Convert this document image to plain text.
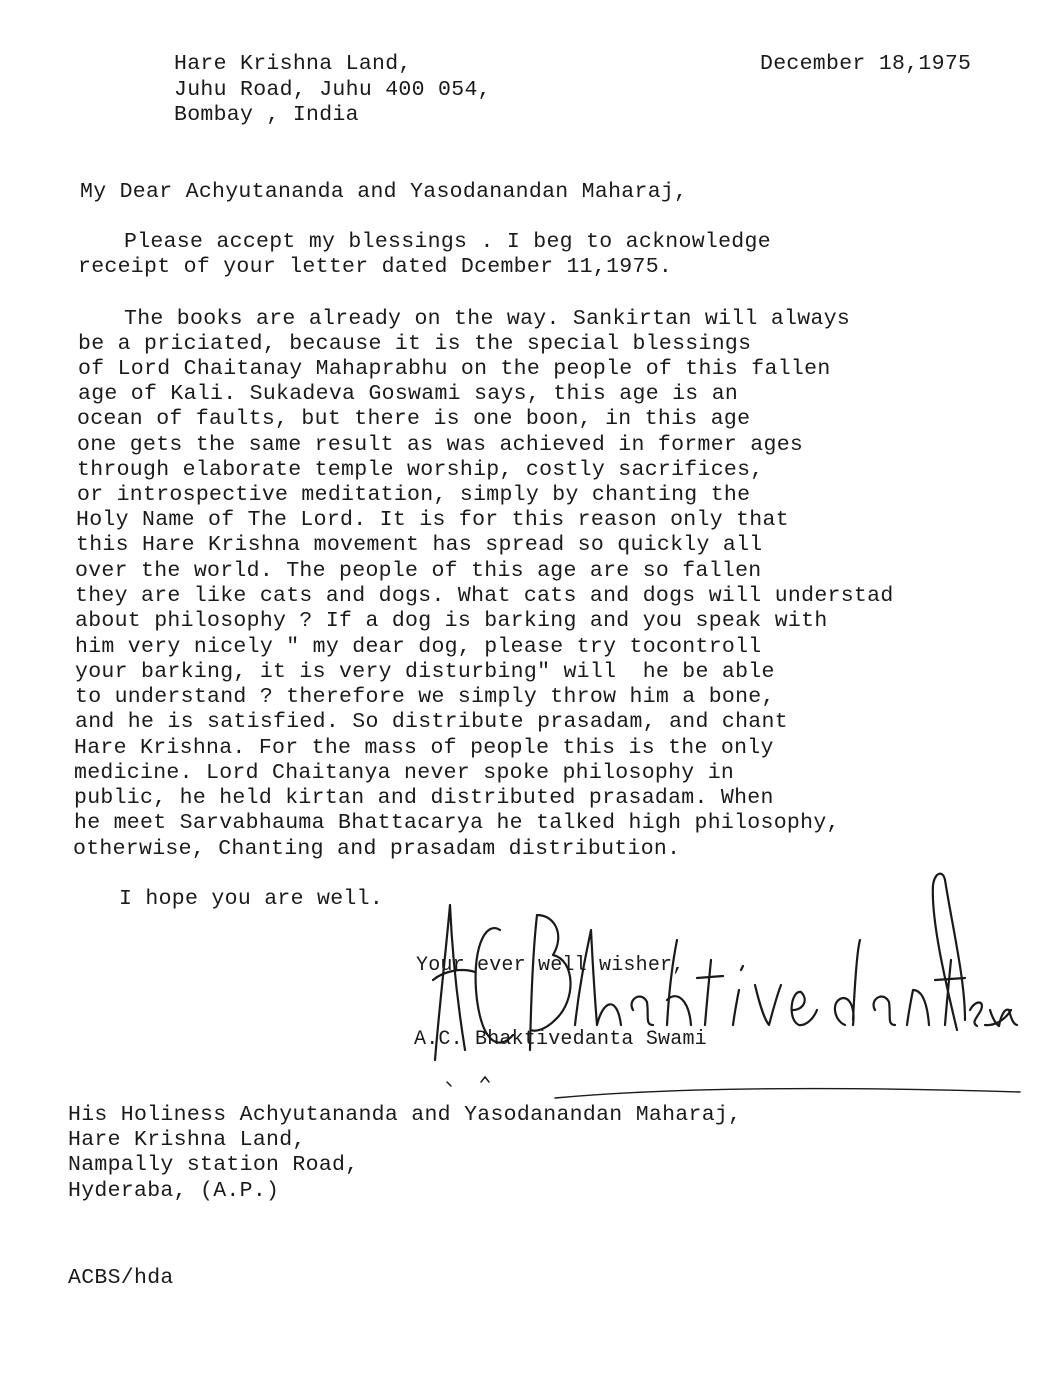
Hare Krishna Land,
Juhu Road, Juhu 400 054,
Bombay , India
December 18,1975
My Dear Achyutananda and Yasodanandan Maharaj,
Please accept my blessings . I beg to acknowledge
receipt of your letter dated Dcember 11,1975.
The books are already on the way. Sankirtan will always
be a priciated, because it is the special blessings
of Lord Chaitanay Mahaprabhu on the people of this fallen
age of Kali. Sukadeva Goswami says, this age is an
ocean of faults, but there is one boon, in this age
one gets the same result as was achieved in former ages
through elaborate temple worship, costly sacrifices,
or introspective meditation, simply by chanting the
Holy Name of The Lord. It is for this reason only that
this Hare Krishna movement has spread so quickly all
over the world. The people of this age are so fallen
they are like cats and dogs. What cats and dogs will understad
about philosophy ? If a dog is barking and you speak with
him very nicely " my dear dog, please try tocontroll
your barking, it is very disturbing" will  he be able
to understand ? therefore we simply throw him a bone,
and he is satisfied. So distribute prasadam, and chant
Hare Krishna. For the mass of people this is the only
medicine. Lord Chaitanya never spoke philosophy in
public, he held kirtan and distributed prasadam. When
he meet Sarvabhauma Bhattacarya he talked high philosophy,
otherwise, Chanting and prasadam distribution.
I hope you are well.
Your ever well wisher,
A.C. Bhaktivedanta Swami
His Holiness Achyutananda and Yasodanandan Maharaj,
Hare Krishna Land,
Nampally station Road,
Hyderaba, (A.P.)
ACBS/hda
